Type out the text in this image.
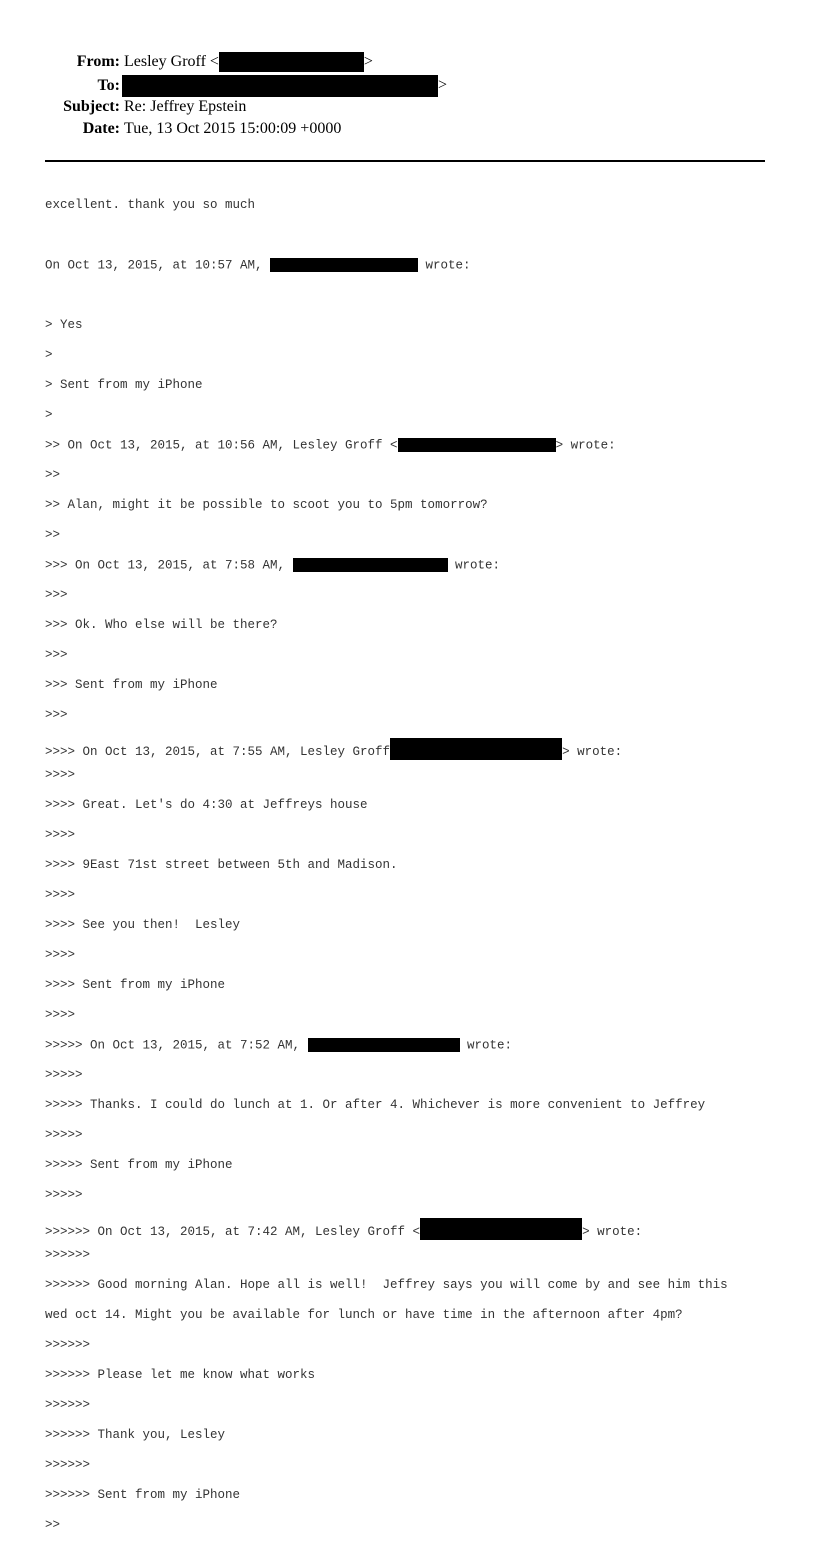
From: Lesley Groff <	>
To:	>
Subject: Re: Jeffrey Epstein
Date: Tue, 13 Oct 2015 15:00:09 +0000

excellent. thank you so much

On Oct 13, 2015, at 10:57 AM,	wrote:

> Yes

>

> Sent from my iPhone

>

>> On Oct 13, 2015, at 10:56 AM, Lesley Groff <	> wrote:

>>

>> Alan, might it be possible to scoot you to 5pm tomorrow?

>>

>>> On Oct 13, 2015, at 7:58 AM,	wrote:

>>>

>>> Ok. Who else will be there?

>>>

>>> Sent from my iPhone

>>>

>>>> On Oct 13, 2015, at 7:55 AM, Lesley Groff	> wrote:

>>>>

>>>> Great. Let's do 4:30 at Jeffreys house

>>>>

>>>> 9East 71st street between 5th and Madison.

>>>>

>>>> See you then!  Lesley

>>>>

>>>> Sent from my iPhone

>>>>

>>>>> On Oct 13, 2015, at 7:52 AM,	wrote:

>>>>>

>>>>> Thanks. I could do lunch at 1. Or after 4. Whichever is more convenient to Jeffrey

>>>>>

>>>>> Sent from my iPhone

>>>>>

>>>>>> On Oct 13, 2015, at 7:42 AM, Lesley Groff <	> wrote:

>>>>>>

>>>>>> Good morning Alan. Hope all is well!  Jeffrey says you will come by and see him this

wed oct 14. Might you be available for lunch or have time in the afternoon after 4pm?

>>>>>>

>>>>>> Please let me know what works

>>>>>>

>>>>>> Thank you, Lesley

>>>>>>

>>>>>> Sent from my iPhone

>>
